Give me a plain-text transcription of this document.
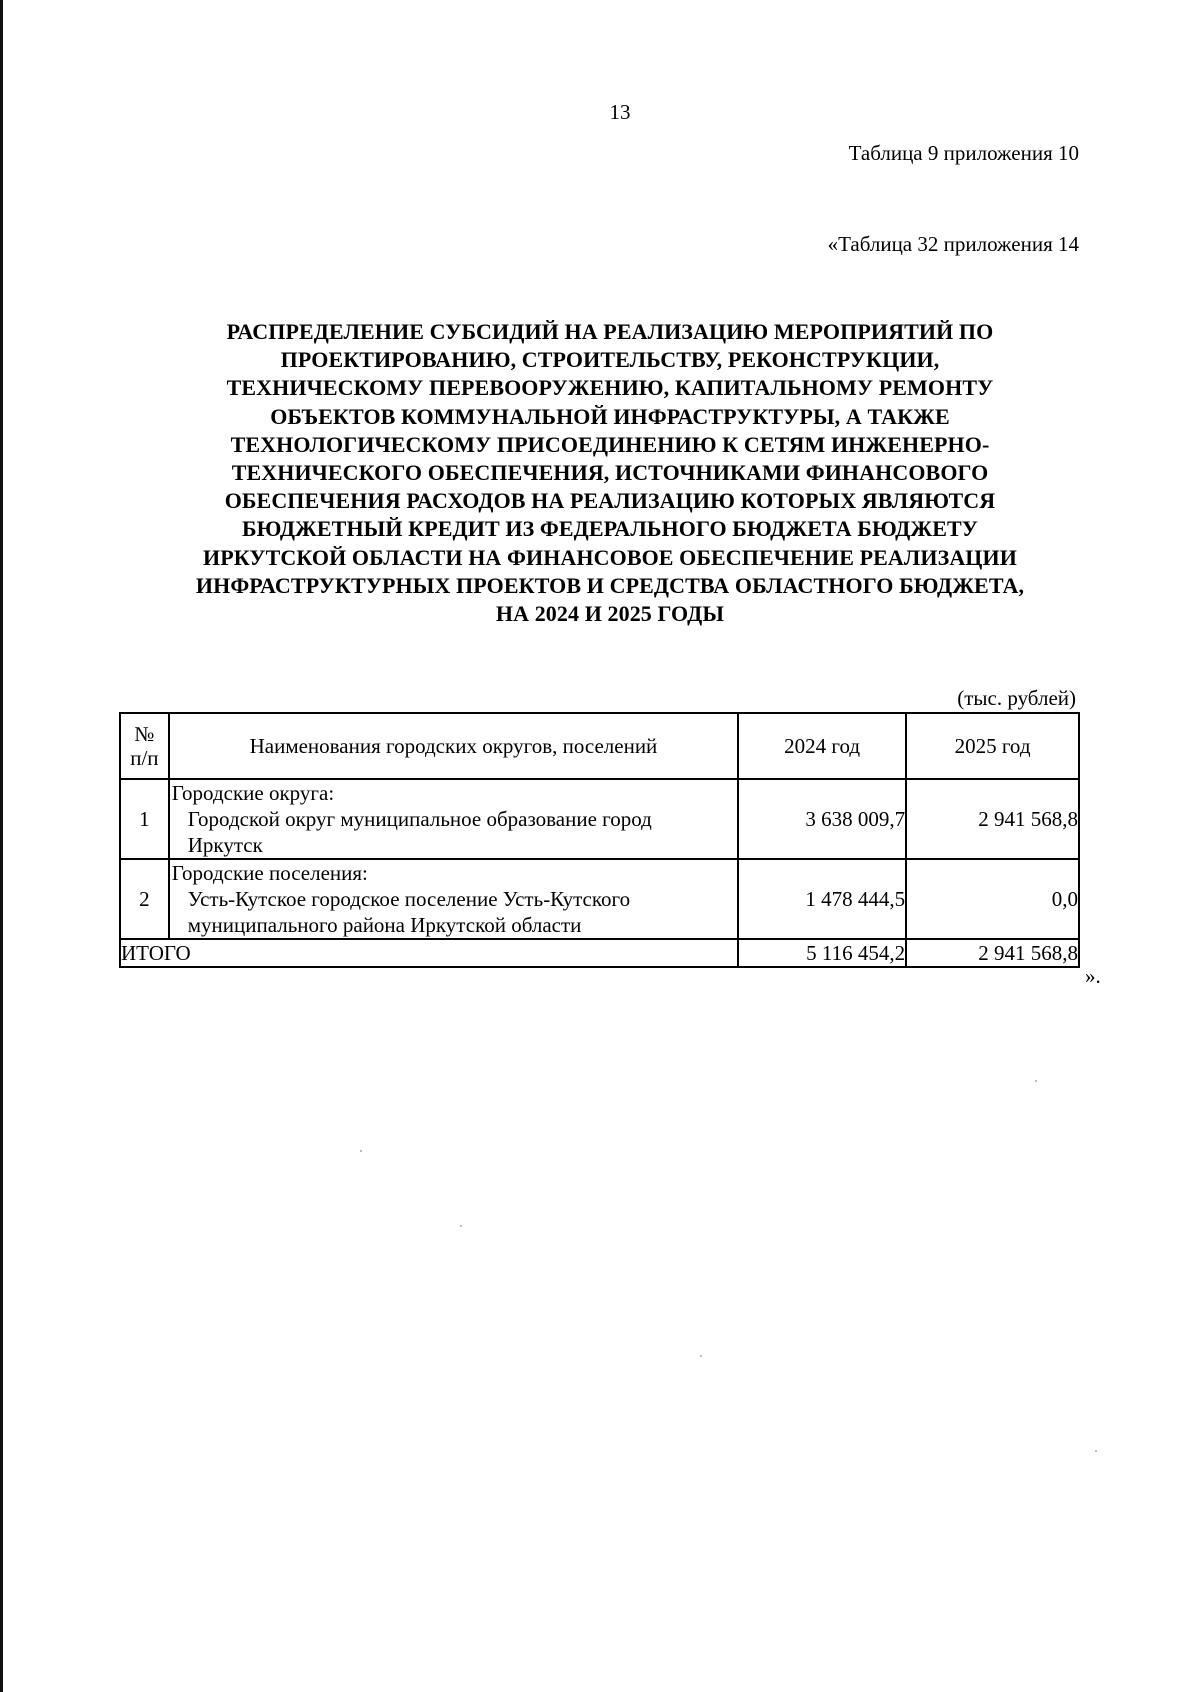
13
Таблица 9 приложения 10
«Таблица 32 приложения 14
РАСПРЕДЕЛЕНИЕ СУБСИДИЙ НА РЕАЛИЗАЦИЮ МЕРОПРИЯТИЙ ПО
ПРОЕКТИРОВАНИЮ, СТРОИТЕЛЬСТВУ, РЕКОНСТРУКЦИИ,
ТЕХНИЧЕСКОМУ ПЕРЕВООРУЖЕНИЮ, КАПИТАЛЬНОМУ РЕМОНТУ
ОБЪЕКТОВ КОММУНАЛЬНОЙ ИНФРАСТРУКТУРЫ, А ТАКЖЕ
ТЕХНОЛОГИЧЕСКОМУ ПРИСОЕДИНЕНИЮ К СЕТЯМ ИНЖЕНЕРНО-
ТЕХНИЧЕСКОГО ОБЕСПЕЧЕНИЯ, ИСТОЧНИКАМИ ФИНАНСОВОГО
ОБЕСПЕЧЕНИЯ РАСХОДОВ НА РЕАЛИЗАЦИЮ КОТОРЫХ ЯВЛЯЮТСЯ
БЮДЖЕТНЫЙ КРЕДИТ ИЗ ФЕДЕРАЛЬНОГО БЮДЖЕТА БЮДЖЕТУ
ИРКУТСКОЙ ОБЛАСТИ НА ФИНАНСОВОЕ ОБЕСПЕЧЕНИЕ РЕАЛИЗАЦИИ
ИНФРАСТРУКТУРНЫХ ПРОЕКТОВ И СРЕДСТВА ОБЛАСТНОГО БЮДЖЕТА,
НА 2024 И 2025 ГОДЫ
(тыс. рублей)
№
п/п	Наименования городских округов, поселений	2024 год	2025 год
1	Городские округа:
Городской округ муниципальное образование город
Иркутск	3 638 009,7	2 941 568,8
2	Городские поселения:
Усть-Кутское городское поселение Усть-Кутского
муниципального района Иркутской области	1 478 444,5	0,0
ИТОГО		5 116 454,2	2 941 568,8
».
